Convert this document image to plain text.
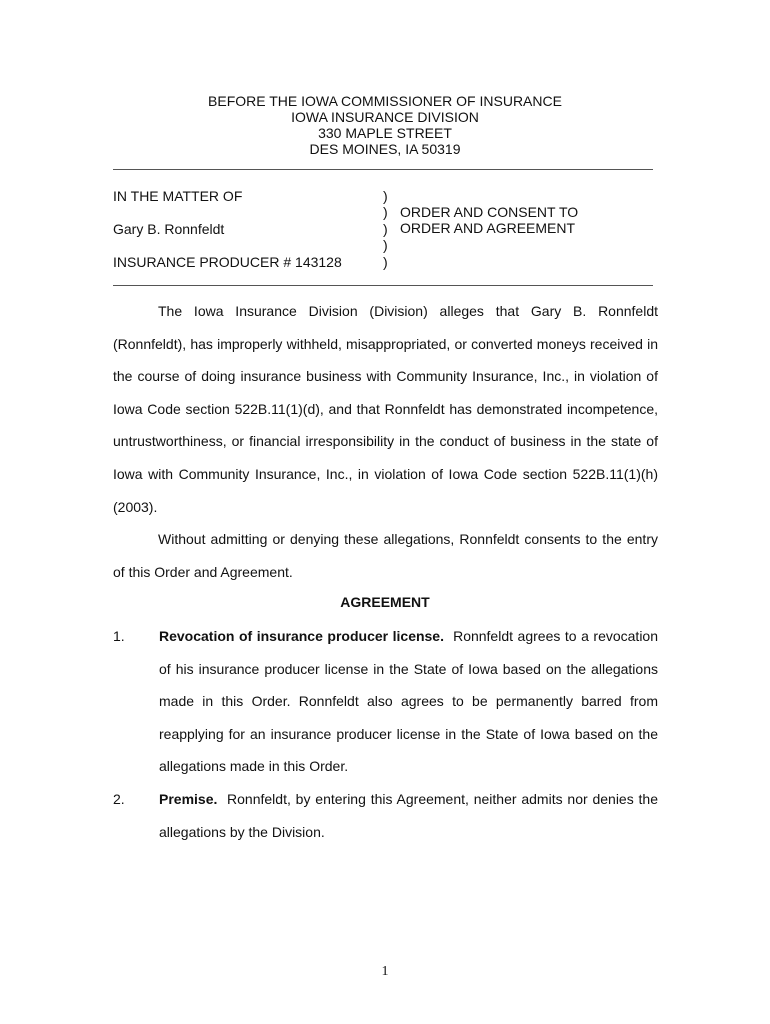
BEFORE THE IOWA COMMISSIONER OF INSURANCE
IOWA INSURANCE DIVISION
330 MAPLE STREET
DES MOINES, IA 50319
IN THE MATTER OF
Gary B. Ronnfeldt
INSURANCE PRODUCER # 143128
)
)
)
)
)
ORDER AND CONSENT TO
ORDER AND AGREEMENT
The Iowa Insurance Division (Division) alleges that Gary B. Ronnfeldt (Ronnfeldt), has improperly withheld, misappropriated, or converted moneys received in the course of doing insurance business with Community Insurance, Inc., in violation of Iowa Code section 522B.11(1)(d), and that Ronnfeldt has demonstrated incompetence, untrustworthiness, or financial irresponsibility in the conduct of business in the state of Iowa with Community Insurance, Inc., in violation of Iowa Code section 522B.11(1)(h) (2003).
Without admitting or denying these allegations, Ronnfeldt consents to the entry of this Order and Agreement.
AGREEMENT
1. Revocation of insurance producer license. Ronnfeldt agrees to a revocation of his insurance producer license in the State of Iowa based on the allegations made in this Order. Ronnfeldt also agrees to be permanently barred from reapplying for an insurance producer license in the State of Iowa based on the allegations made in this Order.
2. Premise. Ronnfeldt, by entering this Agreement, neither admits nor denies the allegations by the Division.
1
